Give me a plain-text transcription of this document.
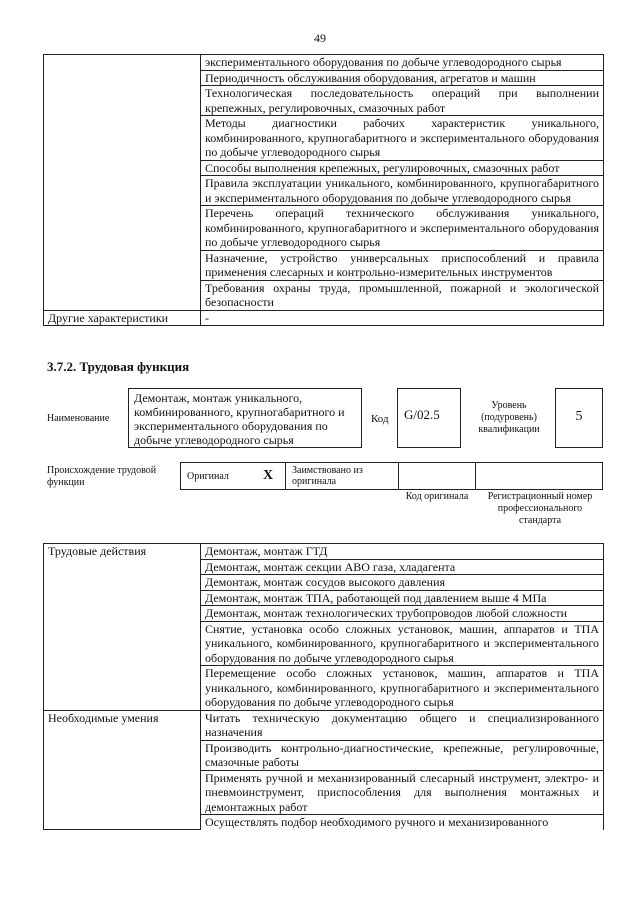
49
	экспериментального оборудования по добыче углеводородного сырья
	Периодичность обслуживания оборудования, агрегатов и машин
	Технологическая последовательность операций при выполнении крепежных, регулировочных, смазочных работ
	Методы диагностики рабочих характеристик уникального, комбинированного, крупногабаритного и экспериментального оборудования по добыче углеводородного сырья
	Способы выполнения крепежных, регулировочных, смазочных работ
	Правила эксплуатации уникального, комбинированного, крупногабаритного и экспериментального оборудования по добыче углеводородного сырья
	Перечень операций технического обслуживания уникального, комбинированного, крупногабаритного и экспериментального оборудования по добыче углеводородного сырья
	Назначение, устройство универсальных приспособлений и правила применения слесарных и контрольно-измерительных инструментов
	Требования охраны труда, промышленной, пожарной и экологической безопасности
Другие характеристики	-
3.7.2. Трудовая функция
Наименование
Демонтаж, монтаж уникального, комбинированного, крупногабаритного и экспериментального оборудования по добыче углеводородного сырья
Код	G/02.5
Уровень (подуровень) квалификации
5
Происхождение трудовой функции
Оригинал X Заимствовано из оригинала
Код оригинала	Регистрационный номер профессионального стандарта
Трудовые действия	Демонтаж, монтаж ГТД
	Демонтаж, монтаж секции АВО газа, хладагента
	Демонтаж, монтаж сосудов высокого давления
	Демонтаж, монтаж ТПА, работающей под давлением выше 4 МПа
	Демонтаж, монтаж технологических трубопроводов любой сложности
	Снятие, установка особо сложных установок, машин, аппаратов и ТПА уникального, комбинированного, крупногабаритного и экспериментального оборудования по добыче углеводородного сырья
	Перемещение особо сложных установок, машин, аппаратов и ТПА уникального, комбинированного, крупногабаритного и экспериментального оборудования по добыче углеводородного сырья
Необходимые умения	Читать техническую документацию общего и специализированного назначения
	Производить контрольно-диагностические, крепежные, регулировочные, смазочные работы
	Применять ручной и механизированный слесарный инструмент, электро- и пневмоинструмент, приспособления для выполнения монтажных и демонтажных работ
	Осуществлять подбор необходимого ручного и механизированного
